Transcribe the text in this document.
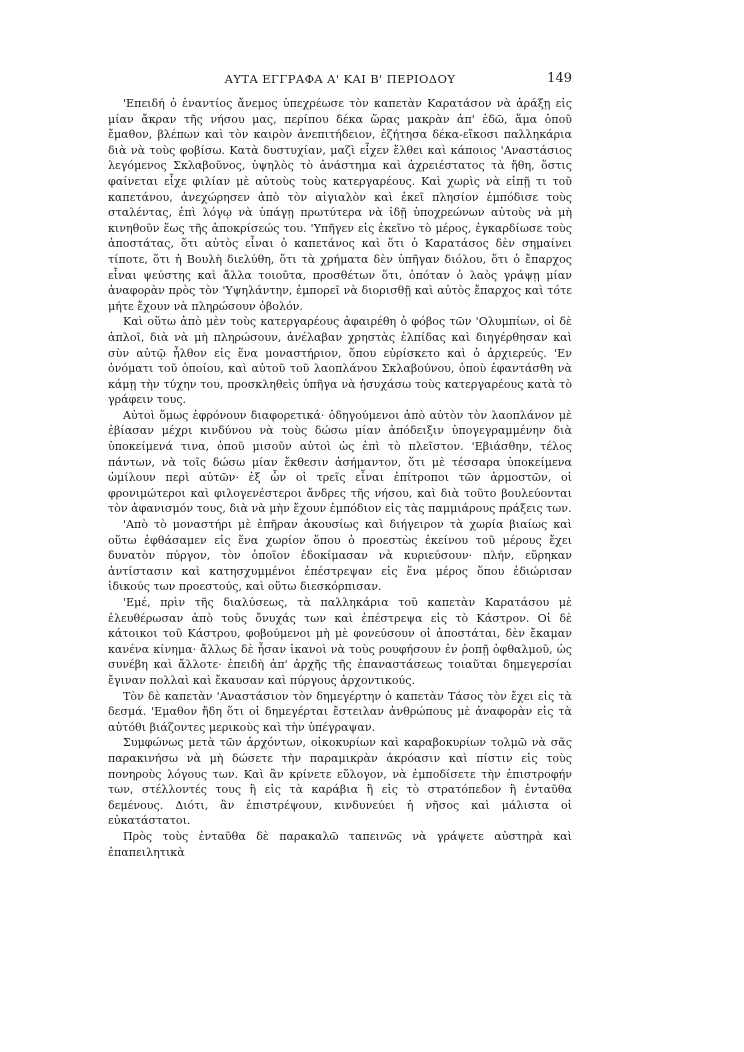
ΑΥΤΑ ΕΓΓΡΑΦΑ Α' ΚΑΙ Β' ΠΕΡΙΟΔΟΥ	149

'Επειδή ὁ ἐναντίος ἄνεμος ὑπεχρέωσε τὸν καπετὰν Καρατάσον νὰ ἀράξῃ εἰς μίαν ἄκραν τῆς νήσου μας, περίπου δέκα ὥρας μακρὰν ἀπ' ἐδῶ, ἅμα ὁποῦ ἔμαθον, βλέπων καὶ τὸν καιρὸν ἀνεπιτήδειον, ἐζήτησα δέκα-εἴκοσι παλληκάρια διὰ νὰ τοὺς φοβίσω. Κατὰ δυστυχίαν, μαζὶ εἶχεν ἔλθει καὶ κάποιος 'Αναστάσιος λεγόμενος Σκλαβοῦνος, ὑψηλὸς τὸ ἀνάστημα καὶ ἀχρειέστατος τὰ ἤθη, ὅστις φαίνεται εἶχε φιλίαν μὲ αὐτοὺς τοὺς κατεργαρέους. Καὶ χωρὶς νὰ εἰπῇ τι τοῦ καπετάνου, ἀνεχώρησεν ἀπὸ τὸν αἰγιαλὸν καὶ ἐκεῖ πλησίον ἐμπόδισε τοὺς σταλέντας, ἐπὶ λόγῳ νὰ ὑπάγῃ πρωτύτερα νὰ ἰδῇ ὑποχρεώνων αὐτοὺς νὰ μὴ κινηθοῦν ἕως τῆς ἀποκρίσεώς του. 'Υπῆγεν εἰς ἐκεῖνο τὸ μέρος, ἐγκαρδίωσε τοὺς ἀποστάτας, ὅτι αὐτὸς εἶναι ὁ καπετάνος καὶ ὅτι ὁ Καρατάσος δὲν σημαίνει τίποτε, ὅτι ἡ Βουλὴ διελύθη, ὅτι τὰ χρήματα δὲν ὑπῆγαν διόλου, ὅτι ὁ ἔπαρχος εἶναι ψεύστης καὶ ἄλλα τοιοῦτα, προσθέτων ὅτι, ὁπόταν ὁ λαὸς γράψῃ μίαν ἀναφορὰν πρὸς τὸν 'Υψηλάντην, ἐμπορεῖ νὰ διορισθῇ καὶ αὐτὸς ἔπαρχος καὶ τότε μήτε ἔχουν νὰ πληρώσουν ὀβολόν.

Καὶ οὕτω ἀπὸ μὲν τοὺς κατεργαρέους ἀφαιρέθη ὁ φόβος τῶν 'Ολυμπίων, οἱ δὲ ἁπλοῖ, διὰ νὰ μὴ πληρώσουν, ἀνέλαβαν χρηστὰς ἐλπίδας καὶ διηγέρθησαν καὶ σὺν αὐτῷ ἦλθον εἰς ἕνα μοναστήριον, ὅπου εὑρίσκετο καὶ ὁ ἀρχιερεύς. 'Εν ὀνόματι τοῦ ὁποίου, καὶ αὐτοῦ τοῦ λαοπλάνου Σκλαβούνου, ὁποὺ ἐφαντάσθη νὰ κάμῃ τὴν τύχην του, προσκληθεὶς ὑπῆγα νὰ ἡσυχάσω τοὺς κατεργαρέους κατὰ τὸ γράφειν τους.

Αὐτοὶ ὅμως ἐφρόνουν διαφορετικά· ὁδηγούμενοι ἀπὸ αὐτὸν τὸν λαοπλάνον μὲ ἐβίασαν μέχρι κινδύνου νὰ τοὺς δώσω μίαν ἀπόδειξιν ὑπογεγραμμένην διὰ ὑποκείμενά τινα, ὁποῦ μισοῦν αὐτοὶ ὡς ἐπὶ τὸ πλεῖστον. 'Εβιάσθην, τέλος πάντων, νὰ τοῖς δώσω μίαν ἔκθεσιν ἀσήμαντον, ὅτι μὲ τέσσαρα ὑποκείμενα ὡμίλουν περὶ αὐτῶν· ἐξ ὧν οἱ τρεῖς εἶναι ἐπίτροποι τῶν ἁρμοστῶν, οἱ φρονιμώτεροι καὶ φιλογενέστεροι ἄνδρες τῆς νήσου, καὶ διὰ τοῦτο βουλεύονται τὸν ἀφανισμόν τους, διὰ νὰ μὴν ἔχουν ἐμπόδιον εἰς τὰς παμμιάρους πράξεις των.

'Απὸ τὸ μοναστήρι μὲ ἐπῆραν ἀκουσίως καὶ διήγειρον τὰ χωρία βιαίως καὶ οὕτω ἐφθάσαμεν εἰς ἕνα χωρίον ὅπου ὁ προεστὼς ἐκείνου τοῦ μέρους ἔχει δυνατὸν πύργον, τὸν ὁποῖον ἐδοκίμασαν νὰ κυριεύσουν· πλήν, εὕρηκαν ἀντίστασιν καὶ κατησχυμμένοι ἐπέστρεψαν εἰς ἕνα μέρος ὅπου ἐδιώρισαν ἰδικούς των προεστούς, καὶ οὕτω διεσκόρπισαν.

'Εμέ, πρὶν τῆς διαλύσεως, τὰ παλληκάρια τοῦ καπετὰν Καρατάσου μὲ ἐλευθέρωσαν ἀπὸ τοὺς ὄνυχάς των καὶ ἐπέστρεψα εἰς τὸ Κάστρον. Οἱ δὲ κάτοικοι τοῦ Κάστρου, φοβούμενοι μὴ μὲ φονεύσουν οἱ ἀποστάται, δὲν ἔκαμαν κανένα κίνημα· ἄλλως δὲ ἦσαν ἱκανοὶ νὰ τοὺς ρουφήσουν ἐν ῥοπῇ ὀφθαλμοῦ, ὡς συνέβη καὶ ἄλλοτε· ἐπειδὴ ἀπ' ἀρχῆς τῆς ἐπαναστάσεως τοιαῦται δημεγερσίαι ἔγιναν πολλαὶ καὶ ἔκαυσαν καὶ πύργους ἀρχοντικούς.

Τὸν δὲ καπετὰν 'Αναστάσιον τὸν δημεγέρτην ὁ καπετὰν Τάσος τὸν ἔχει εἰς τὰ δεσμά. 'Εμαθον ἤδη ὅτι οἱ δημεγέρται ἔστειλαν ἀνθρώπους μὲ ἀναφορὰν εἰς τὰ αὐτόθι βιάζοντες μερικοὺς καὶ τὴν ὑπέγραψαν.

Συμφώνως μετὰ τῶν ἀρχόντων, οἰκοκυρίων καὶ καραβοκυρίων τολμῶ νὰ σᾶς παρακινήσω νὰ μὴ δώσετε τὴν παραμικρὰν ἀκρόασιν καὶ πίστιν εἰς τοὺς πονηροὺς λόγους των. Καὶ ἂν κρίνετε εὔλογον, νὰ ἐμποδίσετε τὴν ἐπιστροφήν των, στέλλοντές τους ἢ εἰς τὰ καράβια ἢ εἰς τὸ στρατόπεδον ἢ ἐνταῦθα δεμένους. Διότι, ἂν ἐπιστρέψουν, κινδυνεύει ἡ νῆσος καὶ μάλιστα οἱ εὐκατάστατοι.

Πρὸς τοὺς ἐνταῦθα δὲ παρακαλῶ ταπεινῶς νὰ γράψετε αὐστηρὰ καὶ ἐπαπειλητικὰ
